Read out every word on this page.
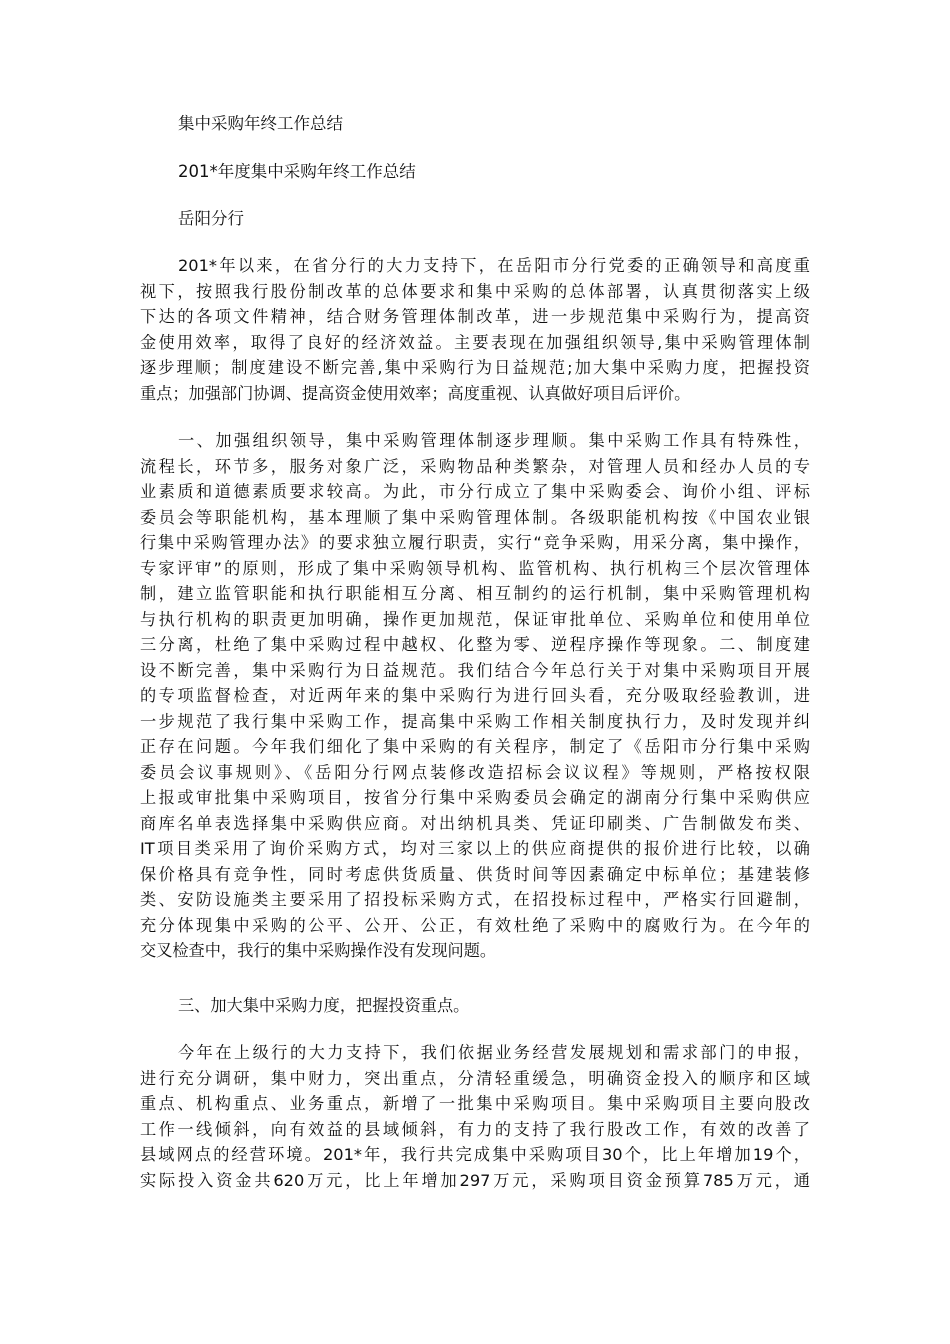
集中采购年终工作总结
201*年度集中采购年终工作总结
岳阳分行
201*年以来，在省分行的大力支持下，在岳阳市分行党委的正确领导和高度重
视下，按照我行股份制改革的总体要求和集中采购的总体部署，认真贯彻落实上级
下达的各项文件精神，结合财务管理体制改革，进一步规范集中采购行为，提高资
金使用效率，取得了良好的经济效益。主要表现在加强组织领导,集中采购管理体制
逐步理顺；制度建设不断完善,集中采购行为日益规范;加大集中采购力度，把握投资
重点；加强部门协调、提高资金使用效率；高度重视、认真做好项目后评价。
一、加强组织领导，集中采购管理体制逐步理顺。集中采购工作具有特殊性，
流程长，环节多，服务对象广泛，采购物品种类繁杂，对管理人员和经办人员的专
业素质和道德素质要求较高。为此，市分行成立了集中采购委会、询价小组、评标
委员会等职能机构，基本理顺了集中采购管理体制。各级职能机构按《中国农业银
行集中采购管理办法》的要求独立履行职责，实行“竞争采购，用采分离，集中操作，
专家评审”的原则，形成了集中采购领导机构、监管机构、执行机构三个层次管理体
制，建立监管职能和执行职能相互分离、相互制约的运行机制，集中采购管理机构
与执行机构的职责更加明确，操作更加规范，保证审批单位、采购单位和使用单位
三分离，杜绝了集中采购过程中越权、化整为零、逆程序操作等现象。二、制度建
设不断完善，集中采购行为日益规范。我们结合今年总行关于对集中采购项目开展
的专项监督检查，对近两年来的集中采购行为进行回头看，充分吸取经验教训，进
一步规范了我行集中采购工作，提高集中采购工作相关制度执行力，及时发现并纠
正存在问题。今年我们细化了集中采购的有关程序，制定了《岳阳市分行集中采购
委员会议事规则》、《岳阳分行网点装修改造招标会议议程》等规则，严格按权限
上报或审批集中采购项目，按省分行集中采购委员会确定的湖南分行集中采购供应
商库名单表选择集中采购供应商。对出纳机具类、凭证印刷类、广告制做发布类、
IT项目类采用了询价采购方式，均对三家以上的供应商提供的报价进行比较，以确
保价格具有竞争性，同时考虑供货质量、供货时间等因素确定中标单位；基建装修
类、安防设施类主要采用了招投标采购方式，在招投标过程中，严格实行回避制，
充分体现集中采购的公平、公开、公正，有效杜绝了采购中的腐败行为。在今年的
交叉检查中，我行的集中采购操作没有发现问题。
三、加大集中采购力度，把握投资重点。
今年在上级行的大力支持下，我们依据业务经营发展规划和需求部门的申报，
进行充分调研，集中财力，突出重点，分清轻重缓急，明确资金投入的顺序和区域
重点、机构重点、业务重点，新增了一批集中采购项目。集中采购项目主要向股改
工作一线倾斜，向有效益的县域倾斜，有力的支持了我行股改工作，有效的改善了
县域网点的经营环境。201*年，我行共完成集中采购项目30个，比上年增加19个，
实际投入资金共620万元，比上年增加297万元，采购项目资金预算785万元，通
